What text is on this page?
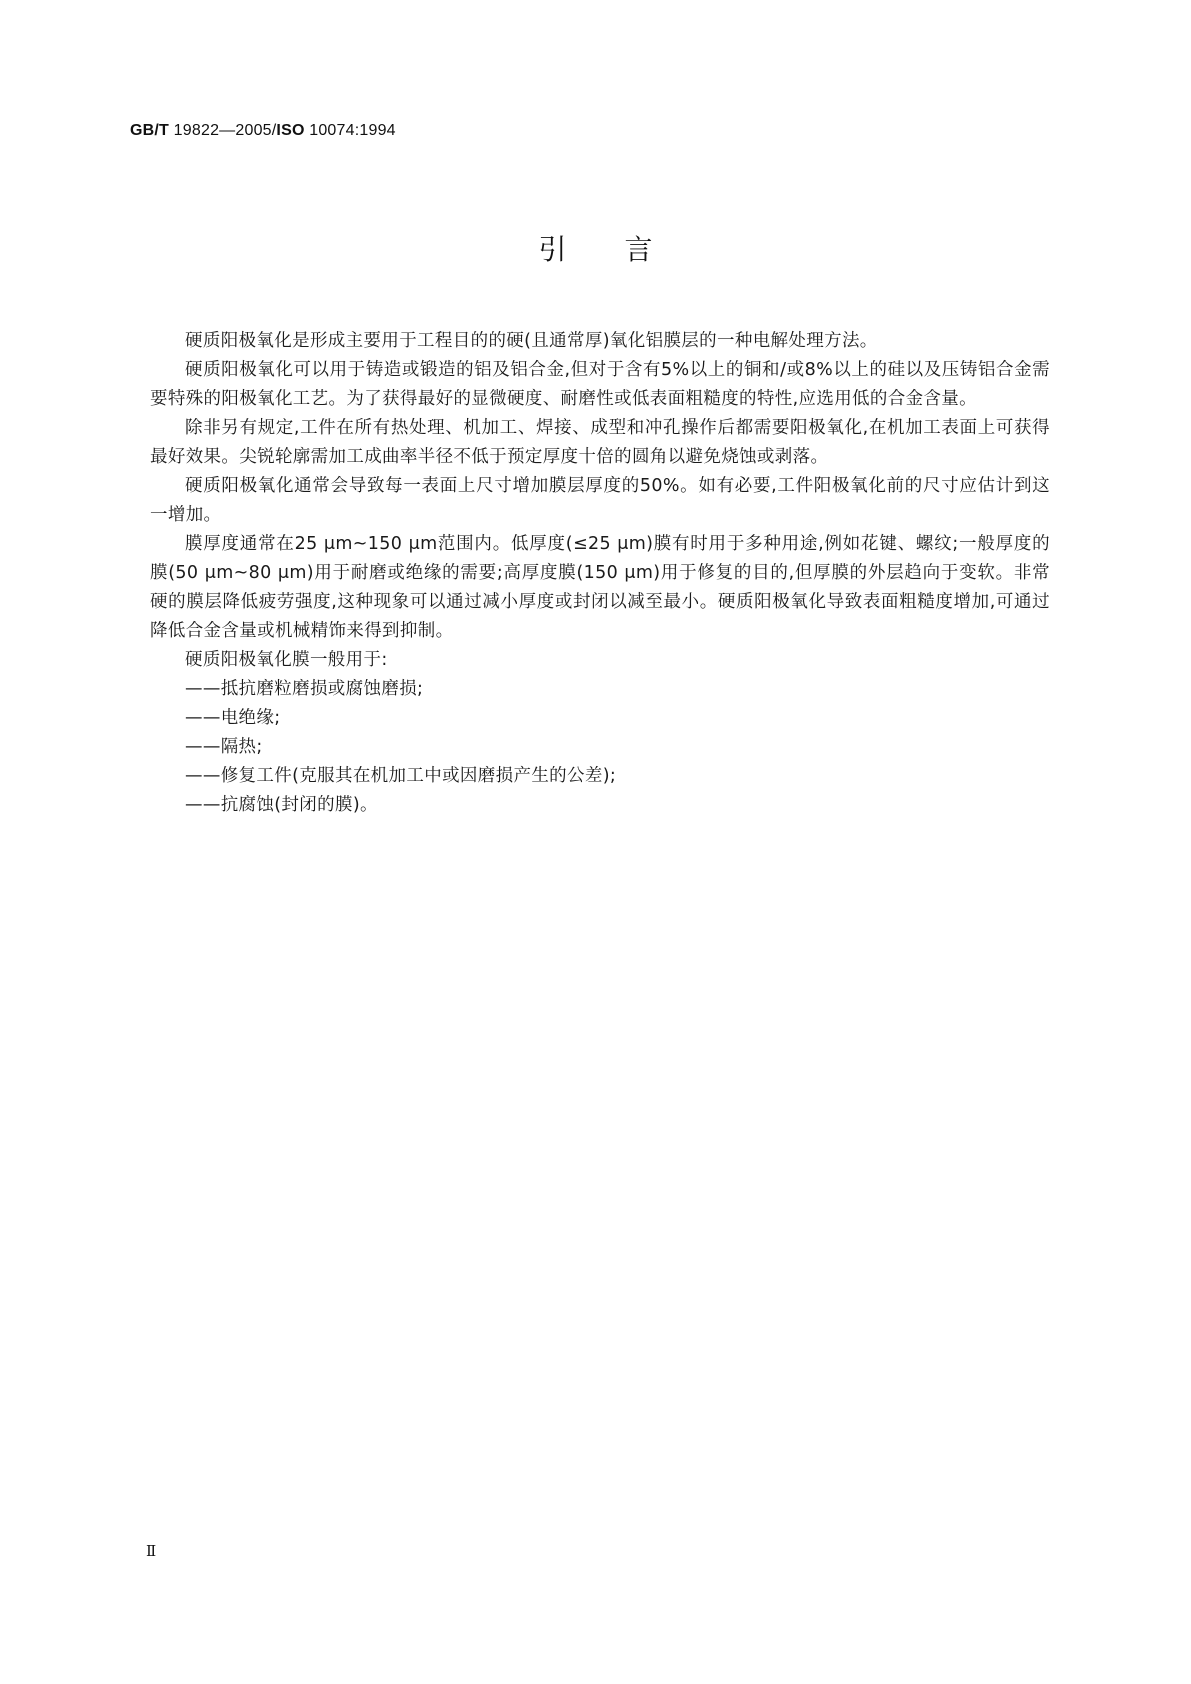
GB/T 19822—2005/ISO 10074:1994
引言

硬质阳极氧化是形成主要用于工程目的的硬(且通常厚)氧化铝膜层的一种电解处理方法。

硬质阳极氧化可以用于铸造或锻造的铝及铝合金,但对于含有5%以上的铜和/或8%以上的硅以及压铸铝合金需要特殊的阳极氧化工艺。为了获得最好的显微硬度、耐磨性或低表面粗糙度的特性,应选用低的合金含量。

除非另有规定,工件在所有热处理、机加工、焊接、成型和冲孔操作后都需要阳极氧化,在机加工表面上可获得最好效果。尖锐轮廓需加工成曲率半径不低于预定厚度十倍的圆角以避免烧蚀或剥落。

硬质阳极氧化通常会导致每一表面上尺寸增加膜层厚度的50%。如有必要,工件阳极氧化前的尺寸应估计到这一增加。

膜厚度通常在25 μm~150 μm范围内。低厚度(≤25 μm)膜有时用于多种用途,例如花键、螺纹;一般厚度的膜(50 μm~80 μm)用于耐磨或绝缘的需要;高厚度膜(150 μm)用于修复的目的,但厚膜的外层趋向于变软。非常硬的膜层降低疲劳强度,这种现象可以通过减小厚度或封闭以减至最小。硬质阳极氧化导致表面粗糙度增加,可通过降低合金含量或机械精饰来得到抑制。

硬质阳极氧化膜一般用于:

——抵抗磨粒磨损或腐蚀磨损;
——电绝缘;
——隔热;
——修复工件(克服其在机加工中或因磨损产生的公差);
——抗腐蚀(封闭的膜)。
Ⅱ
